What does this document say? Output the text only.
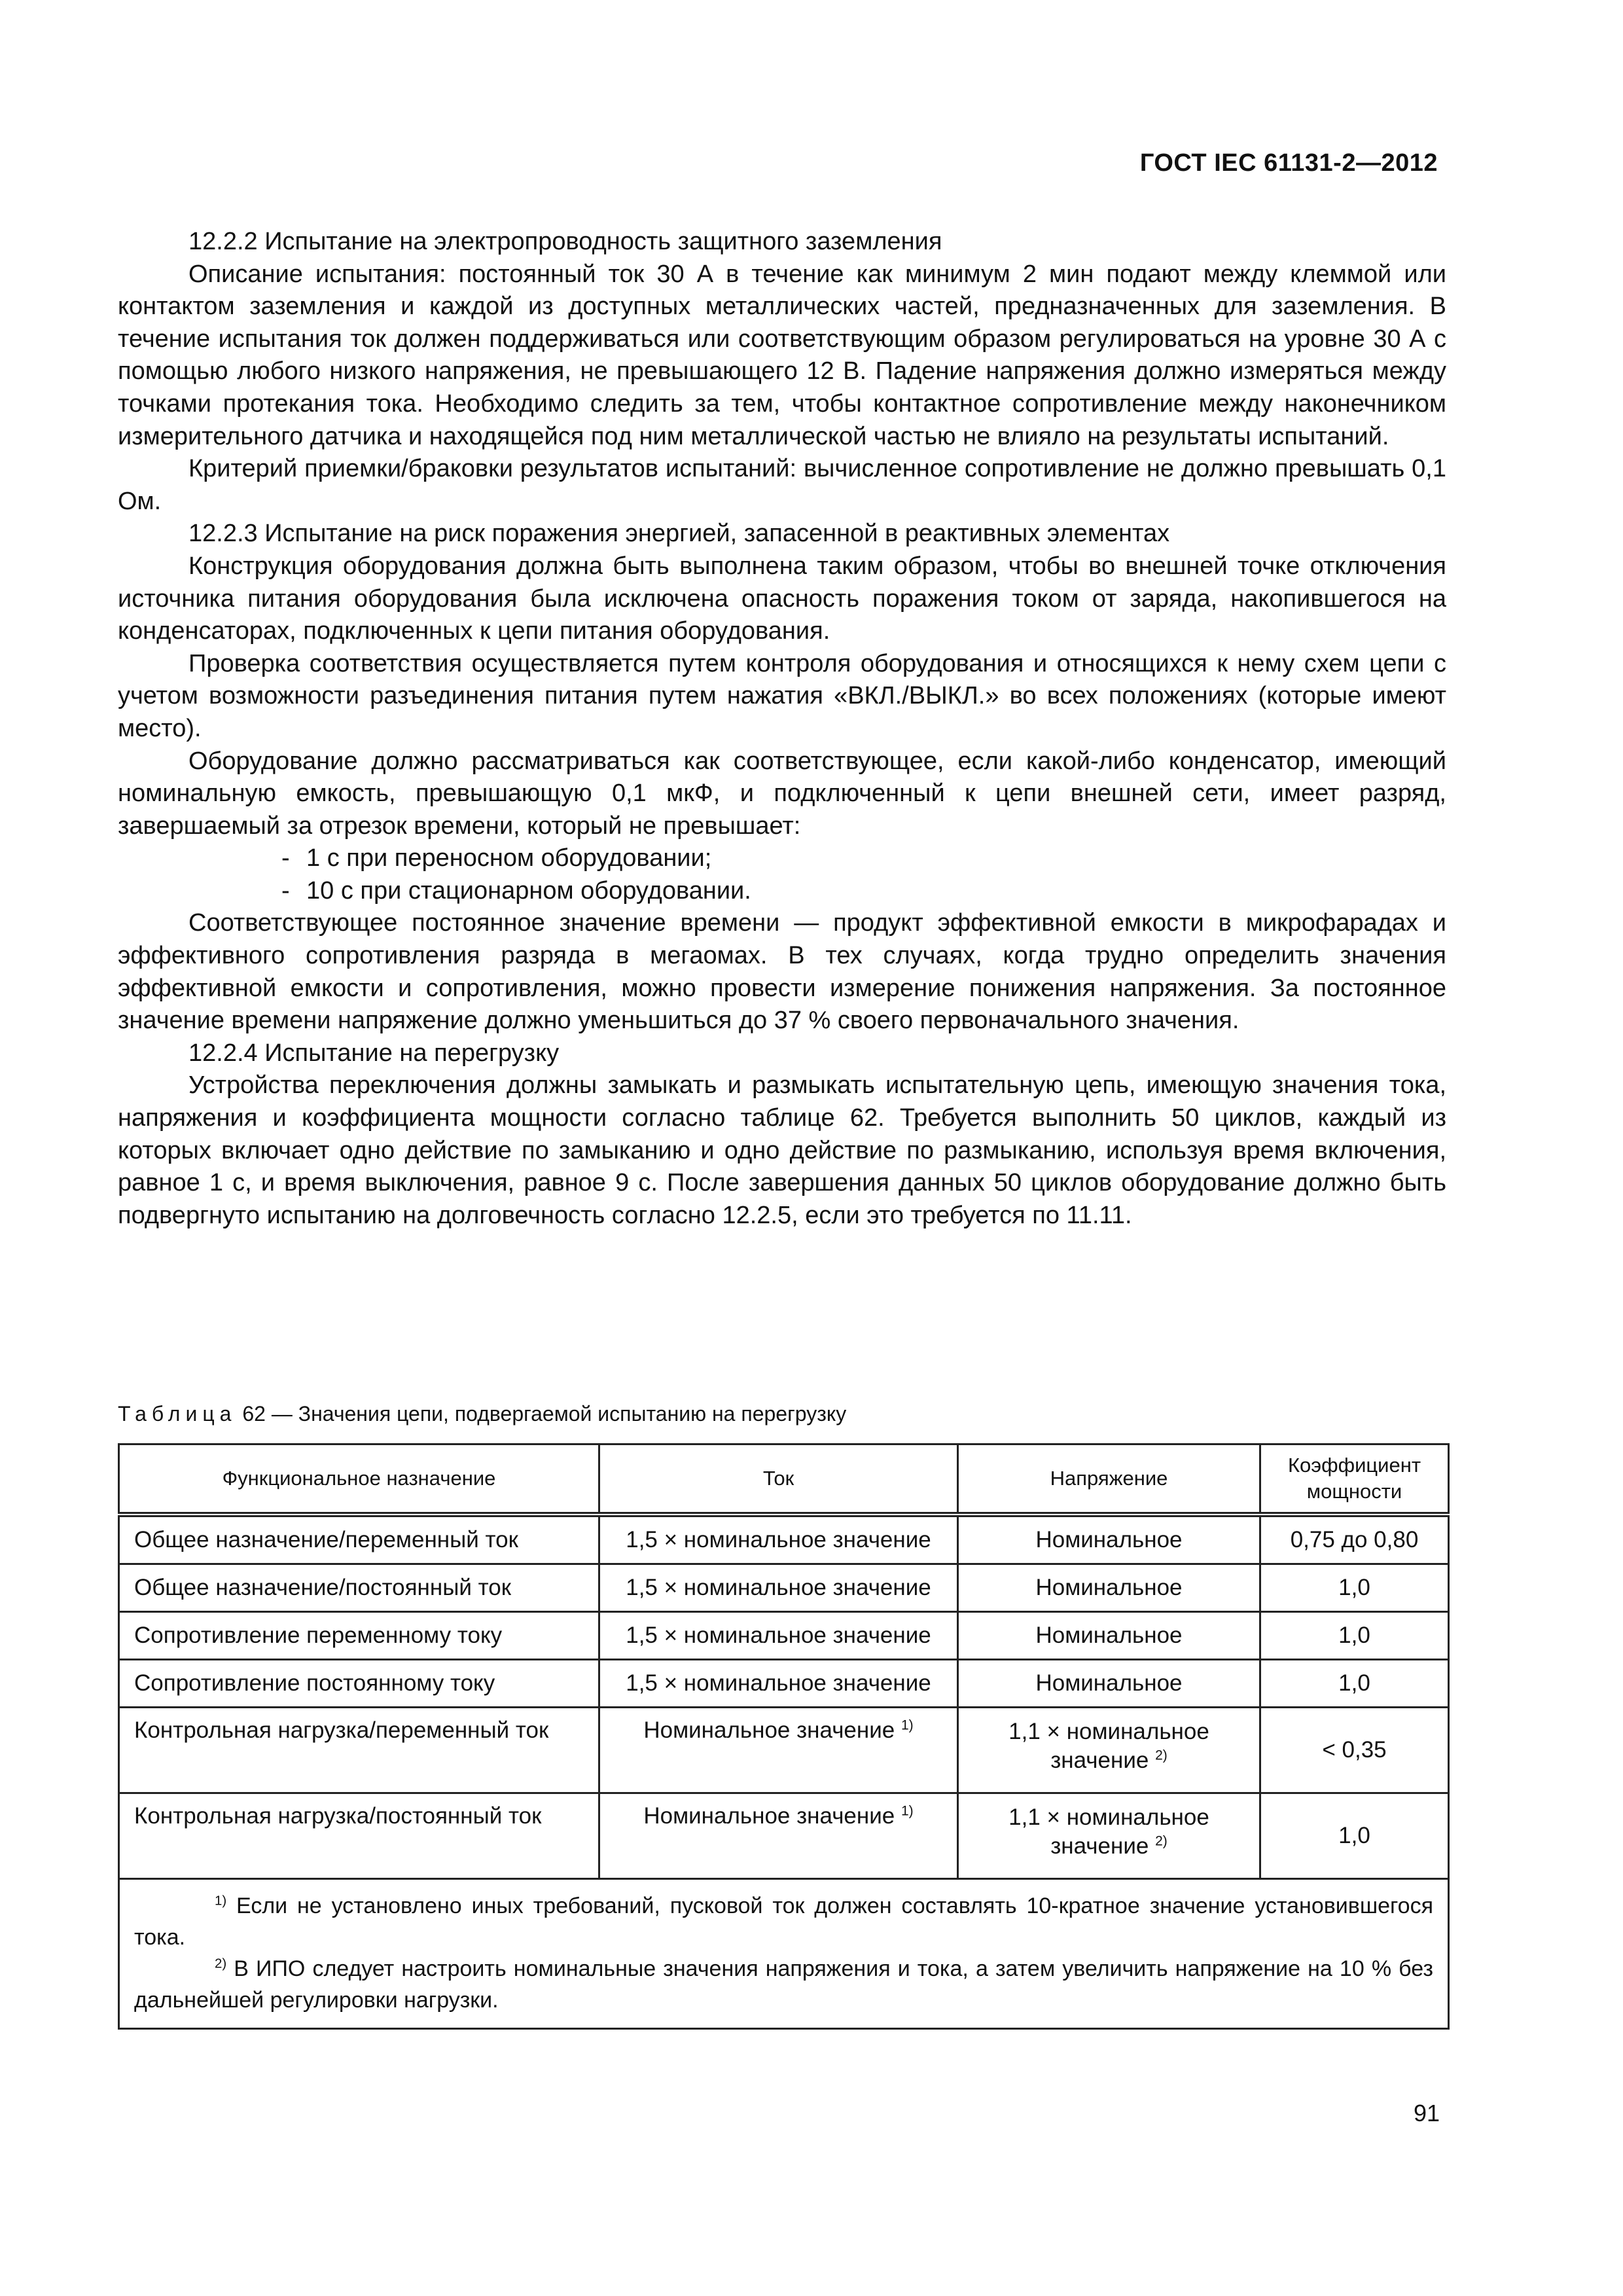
ГОСТ IEC 61131-2—2012

12.2.2 Испытание на электропроводность защитного заземления

Описание испытания: постоянный ток 30 А в течение как минимум 2 мин подают между клеммой или контактом заземления и каждой из доступных металлических частей, предназначенных для заземления. В течение испытания ток должен поддерживаться или соответствующим образом регулироваться на уровне 30 А с помощью любого низкого напряжения, не превышающего 12 В. Падение напряжения должно измеряться между точками протекания тока. Необходимо следить за тем, чтобы контактное сопротивление между наконечником измерительного датчика и находящейся под ним металлической частью не влияло на результаты испытаний.

Критерий приемки/браковки результатов испытаний: вычисленное сопротивление не должно превышать 0,1 Ом.

12.2.3 Испытание на риск поражения энергией, запасенной в реактивных элементах

Конструкция оборудования должна быть выполнена таким образом, чтобы во внешней точке отключения источника питания оборудования была исключена опасность поражения током от заряда, накопившегося на конденсаторах, подключенных к цепи питания оборудования.

Проверка соответствия осуществляется путем контроля оборудования и относящихся к нему схем цепи с учетом возможности разъединения питания путем нажатия «ВКЛ./ВЫКЛ.» во всех положениях (которые имеют место).

Оборудование должно рассматриваться как соответствующее, если какой-либо конденсатор, имеющий номинальную емкость, превышающую 0,1 мкФ, и подключенный к цепи внешней сети, имеет разряд, завершаемый за отрезок времени, который не превышает:

- 1 с при переносном оборудовании;

- 10 с при стационарном оборудовании.

Соответствующее постоянное значение времени — продукт эффективной емкости в микрофарадах и эффективного сопротивления разряда в мегаомах. В тех случаях, когда трудно определить значения эффективной емкости и сопротивления, можно провести измерение понижения напряжения. За постоянное значение времени напряжение должно уменьшиться до 37 % своего первоначального значения.

12.2.4 Испытание на перегрузку

Устройства переключения должны замыкать и размыкать испытательную цепь, имеющую значения тока, напряжения и коэффициента мощности согласно таблице 62. Требуется выполнить 50 циклов, каждый из которых включает одно действие по замыканию и одно действие по размыканию, используя время включения, равное 1 с, и время выключения, равное 9 с. После завершения данных 50 циклов оборудование должно быть подвергнуто испытанию на долговечность согласно 12.2.5, если это требуется по 11.11.

Таблица 62 — Значения цепи, подвергаемой испытанию на перегрузку
Функциональное назначение	Ток	Напряжение	Коэффициент мощности
Общее назначение/переменный ток	1,5 × номинальное значение	Номинальное	0,75 до 0,80
Общее назначение/постоянный ток	1,5 × номинальное значение	Номинальное	1,0
Сопротивление переменному току	1,5 × номинальное значение	Номинальное	1,0
Сопротивление постоянному току	1,5 × номинальное значение	Номинальное	1,0
Контрольная нагрузка/переменный ток	Номинальное значение $^{1)}$	1,1 × номинальное значение $^{2)}$	< 0,35
Контрольная нагрузка/постоянный ток	Номинальное значение $^{1)}$	1,1 × номинальное значение $^{2)}$	1,0

$^{1)}$ Если не установлено иных требований, пусковой ток должен составлять 10-кратное значение установившегося тока.

$^{2)}$ В ИПО следует настроить номинальные значения напряжения и тока, а затем увеличить напряжение на 10 % без дальнейшей регулировки нагрузки.			

91
